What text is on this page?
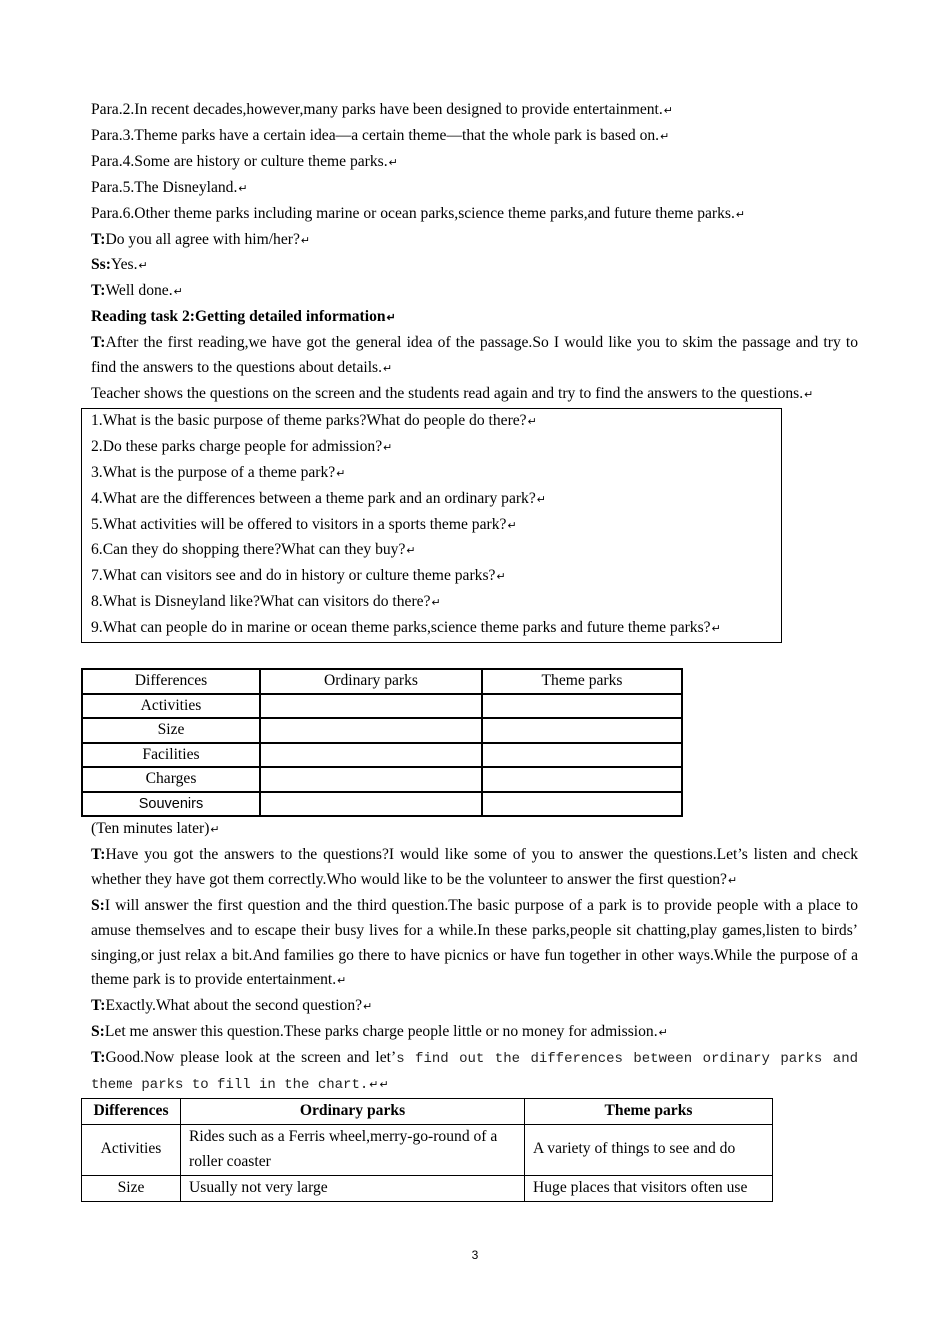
Para.2.In recent decades,however,many parks have been designed to provide entertainment.↵

Para.3.Theme parks have a certain idea—a certain theme—that the whole park is based on.↵

Para.4.Some are history or culture theme parks.↵

Para.5.The Disneyland.↵

Para.6.Other theme parks including marine or ocean parks,science theme parks,and future theme parks.↵

T:Do you all agree with him/her?↵

Ss:Yes.↵

T:Well done.↵

Reading task 2:Getting detailed information↵

T:After the first reading,we have got the general idea of the passage.So I would like you to skim the passage and try to find the answers to the questions about details.↵

Teacher shows the questions on the screen and the students read again and try to find the answers to the questions.↵

1.What is the basic purpose of theme parks?What do people do there?↵

2.Do these parks charge people for admission?↵

3.What is the purpose of a theme park?↵

4.What are the differences between a theme park and an ordinary park?↵

5.What activities will be offered to visitors in a sports theme park?↵

6.Can they do shopping there?What can they buy?↵

7.What can visitors see and do in history or culture theme parks?↵

8.What is Disneyland like?What can visitors do there?↵

9.What can people do in marine or ocean theme parks,science theme parks and future theme parks?↵

Differences	Ordinary parks	Theme parks
Activities		
Size		
Facilities		
Charges		
Souvenirs		

(Ten minutes later)↵

T:Have you got the answers to the questions?I would like some of you to answer the questions.Let’s listen and check whether they have got them correctly.Who would like to be the volunteer to answer the first question?↵

S:I will answer the first question and the third question.The basic purpose of a park is to provide people with a place to amuse themselves and to escape their busy lives for a while.In these parks,people sit chatting,play games,listen to birds’ singing,or just relax a bit.And families go there to have picnics or have fun together in other ways.While the purpose of a theme park is to provide entertainment.↵

T:Exactly.What about the second question?↵

S:Let me answer this question.These parks charge people little or no money for admission.↵

T:Good.Now please look at the screen and let’s find out the differences between ordinary parks and theme parks to fill in the chart.↵↵

Differences	Ordinary parks	Theme parks
Activities	Rides such as a Ferris wheel,merry-go-round of a roller coaster	A variety of things to see and do
Size	Usually not very large	Huge places that visitors often use
3
